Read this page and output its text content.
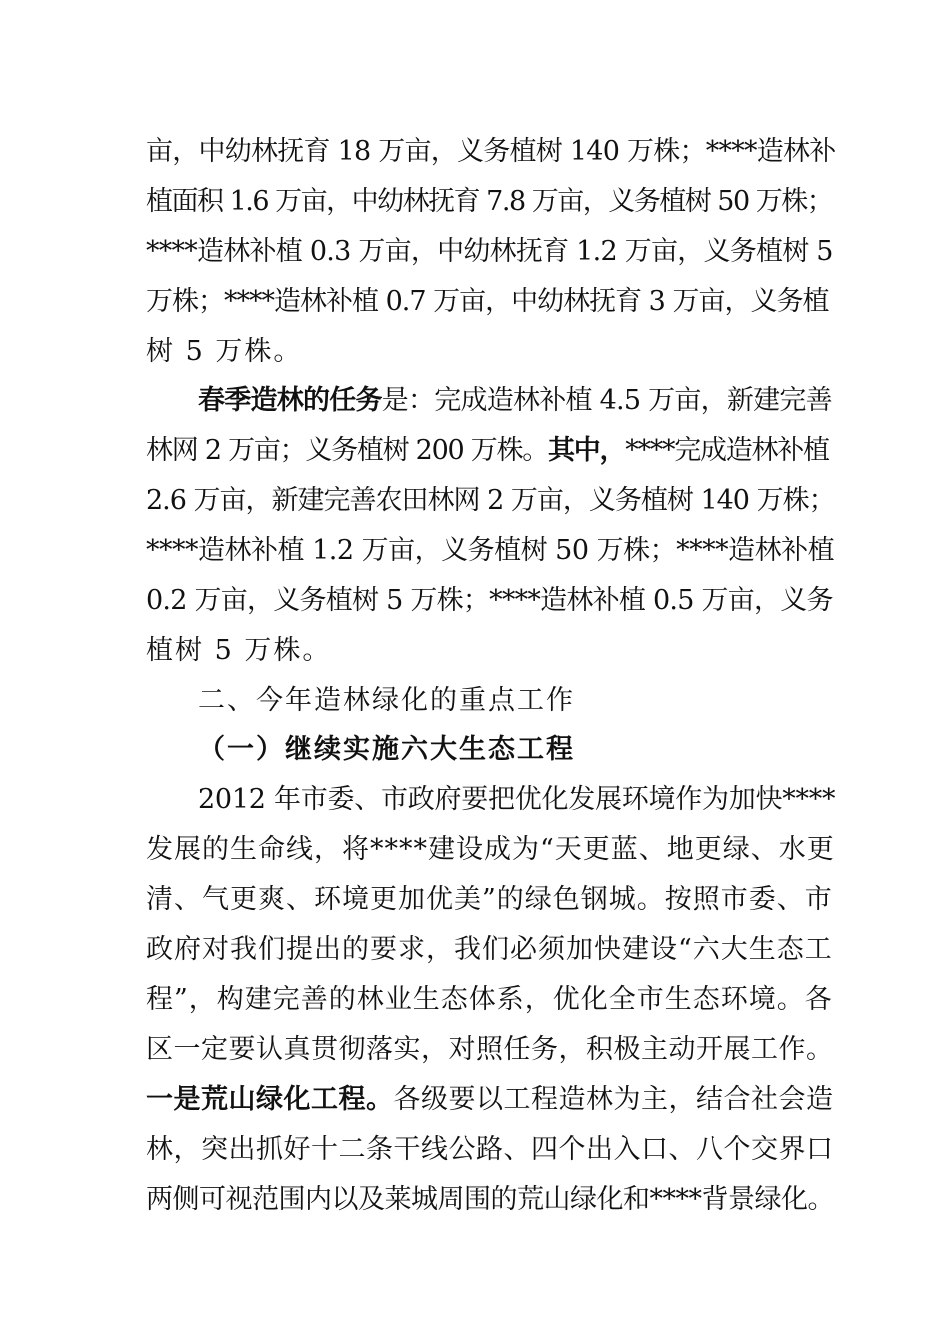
亩，中幼林抚育 18 万亩，义务植树 140 万株；****造林补
植面积 1.6 万亩，中幼林抚育 7.8 万亩，义务植树 50 万株；
****造林补植 0.3 万亩，中幼林抚育 1.2 万亩，义务植树 5
万株；****造林补植 0.7 万亩，中幼林抚育 3 万亩，义务植
树 5 万株。
春季造林的任务是：完成造林补植 4.5 万亩，新建完善
林网 2 万亩；义务植树 200 万株。其中，****完成造林补植
2.6 万亩，新建完善农田林网 2 万亩，义务植树 140 万株；
****造林补植 1.2 万亩，义务植树 50 万株；****造林补植
0.2 万亩，义务植树 5 万株；****造林补植 0.5 万亩，义务
植树 5 万株。
二、今年造林绿化的重点工作
（一）继续实施六大生态工程
2012 年市委、市政府要把优化发展环境作为加快****
发展的生命线，将****建设成为“天更蓝、地更绿、水更
清、气更爽、环境更加优美”的绿色钢城。按照市委、市
政府对我们提出的要求，我们必须加快建设“六大生态工
程”，构建完善的林业生态体系，优化全市生态环境。各
区一定要认真贯彻落实，对照任务，积极主动开展工作。
一是荒山绿化工程。各级要以工程造林为主，结合社会造
林，突出抓好十二条干线公路、四个出入口、八个交界口
两侧可视范围内以及莱城周围的荒山绿化和****背景绿化。
